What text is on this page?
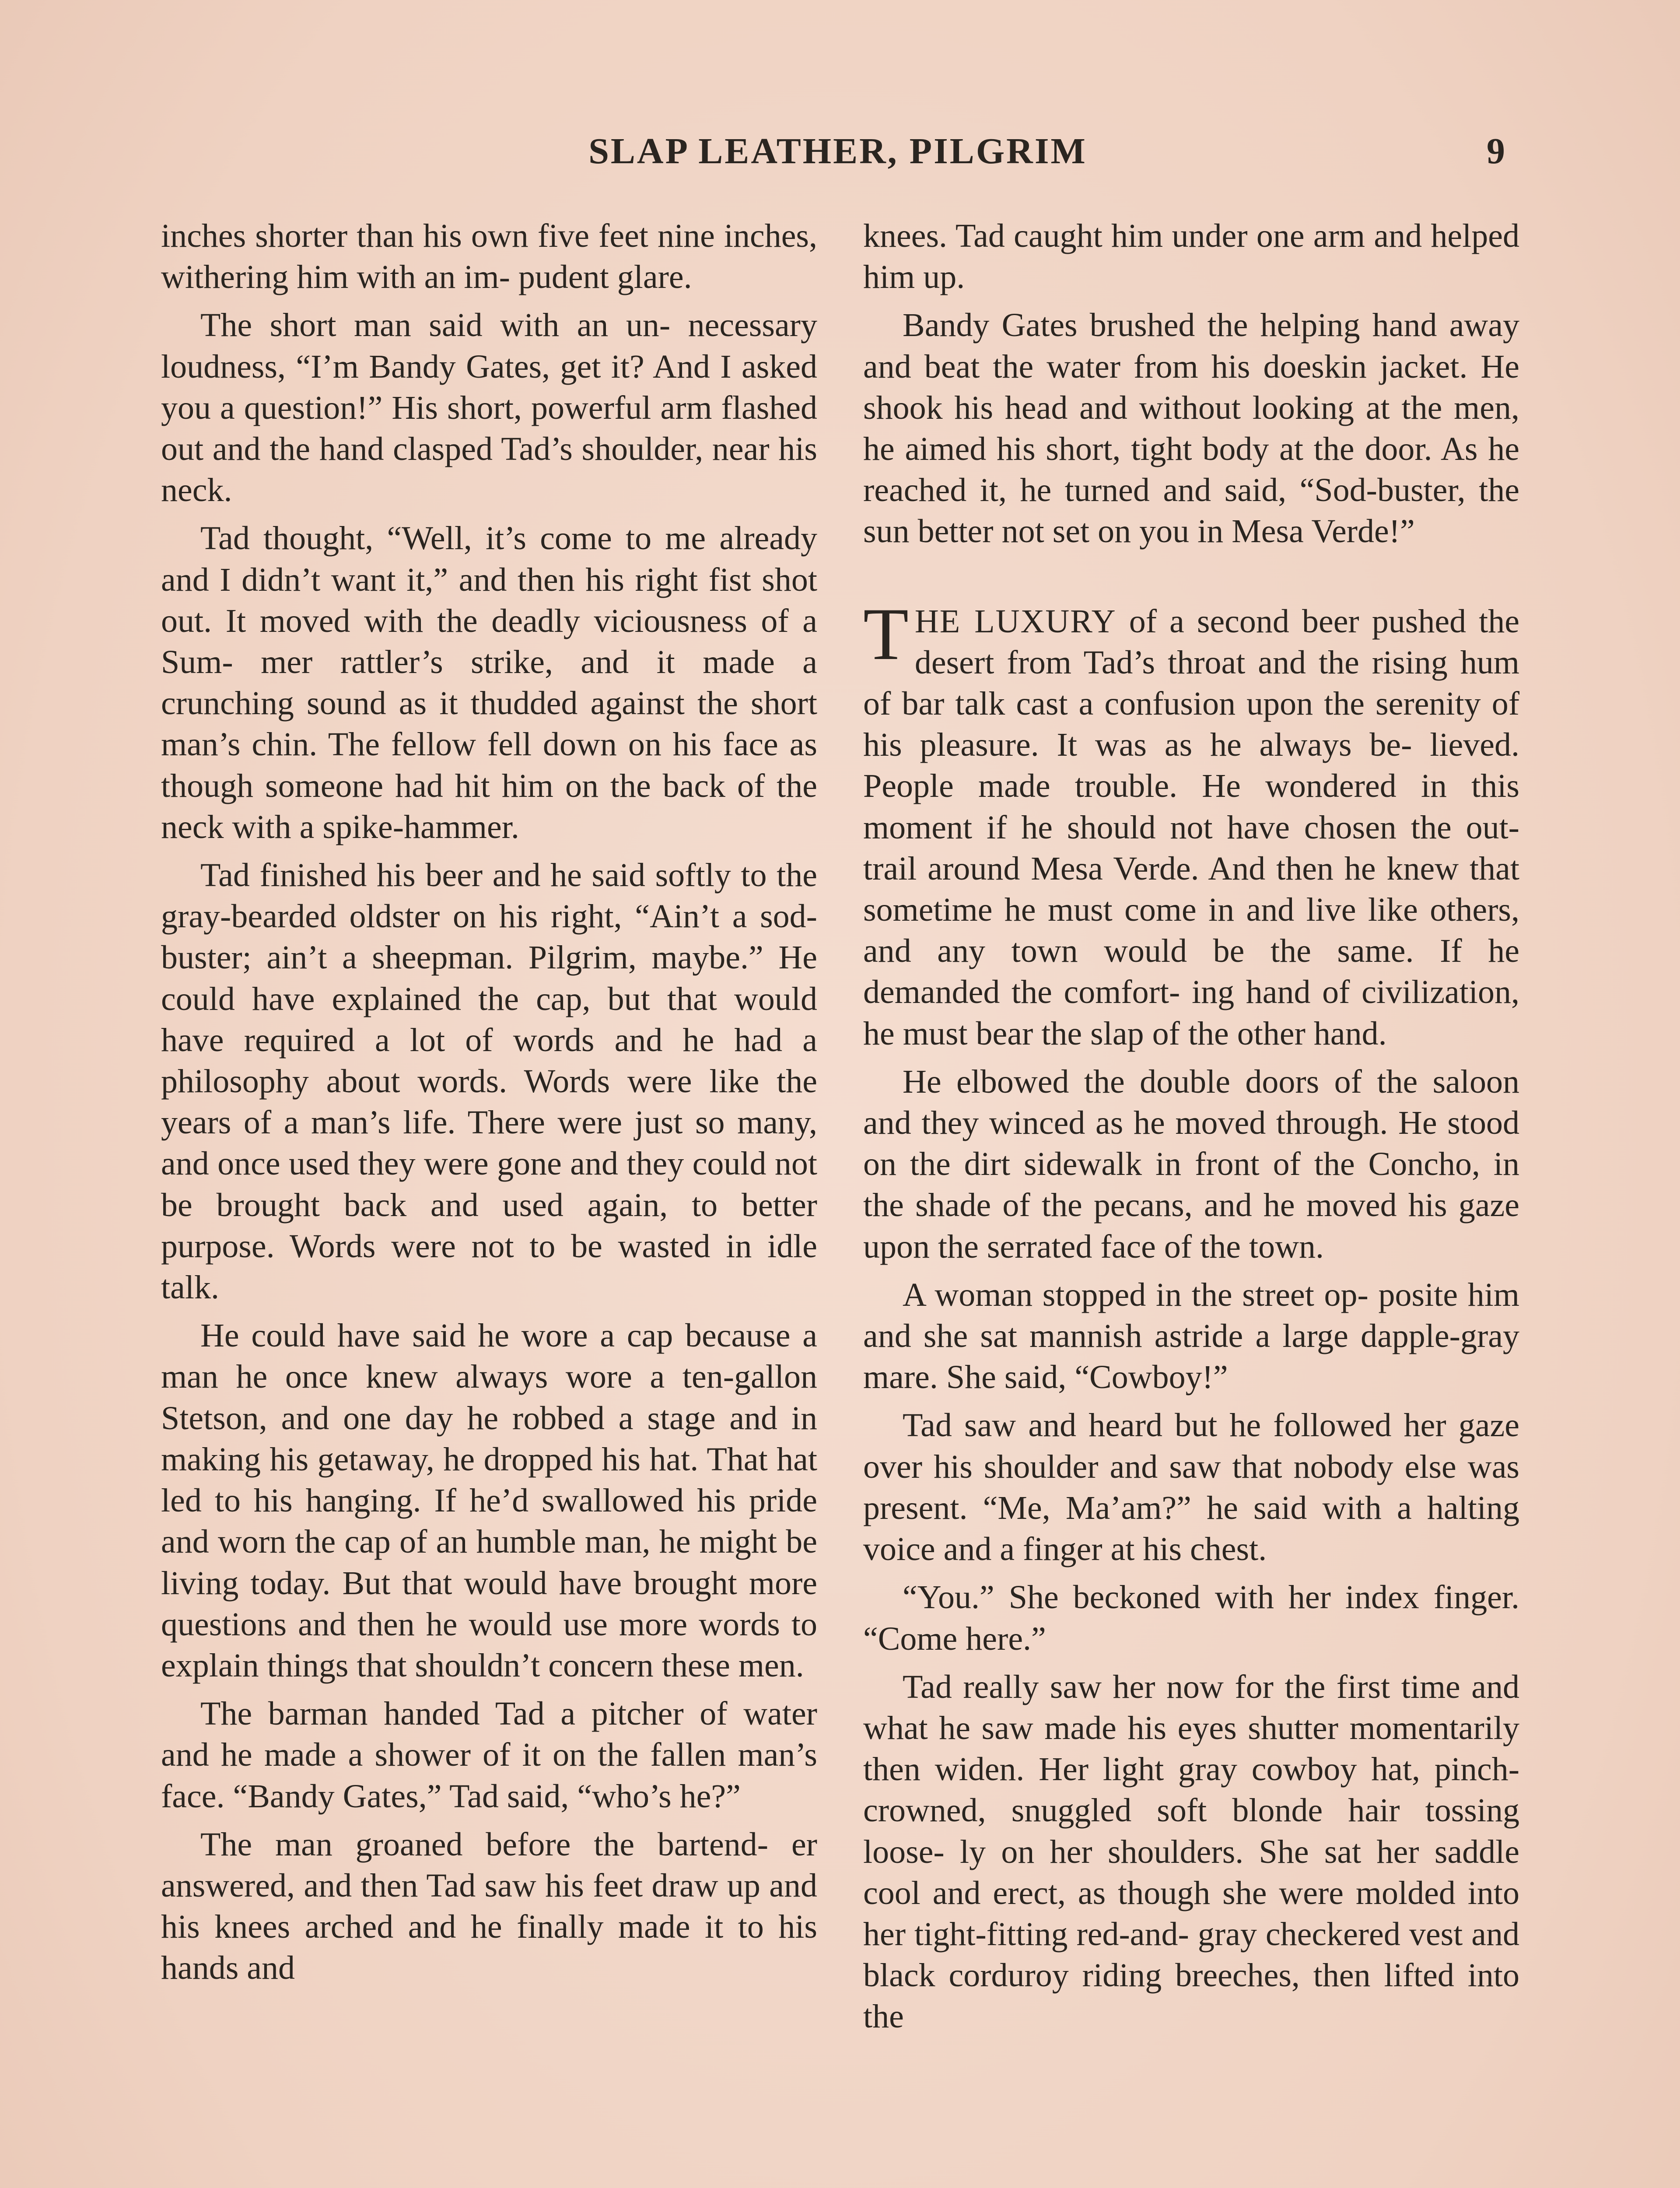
SLAP LEATHER, PILGRIM	9

inches shorter than his own five feet nine inches, withering him with an im- pudent glare.

The short man said with an un- necessary loudness, “I’m Bandy Gates, get it? And I asked you a question!” His short, powerful arm flashed out and the hand clasped Tad’s shoulder, near his neck.

Tad thought, “Well, it’s come to me already and I didn’t want it,” and then his right fist shot out. It moved with the deadly viciousness of a Sum- mer rattler’s strike, and it made a crunching sound as it thudded against the short man’s chin. The fellow fell down on his face as though someone had hit him on the back of the neck with a spike-hammer.

Tad finished his beer and he said softly to the gray-bearded oldster on his right, “Ain’t a sod-buster; ain’t a sheepman. Pilgrim, maybe.” He could have explained the cap, but that would have required a lot of words and he had a philosophy about words. Words were like the years of a man’s life. There were just so many, and once used they were gone and they could not be brought back and used again, to better purpose. Words were not to be wasted in idle talk.

He could have said he wore a cap because a man he once knew always wore a ten-gallon Stetson, and one day he robbed a stage and in making his getaway, he dropped his hat. That hat led to his hanging. If he’d swallowed his pride and worn the cap of an humble man, he might be living today. But that would have brought more questions and then he would use more words to explain things that shouldn’t concern these men.

The barman handed Tad a pitcher of water and he made a shower of it on the fallen man’s face. “Bandy Gates,” Tad said, “who’s he?”

The man groaned before the bartend- er answered, and then Tad saw his feet draw up and his knees arched and he finally made it to his hands and

knees. Tad caught him under one arm and helped him up.

Bandy Gates brushed the helping hand away and beat the water from his doeskin jacket. He shook his head and without looking at the men, he aimed his short, tight body at the door. As he reached it, he turned and said, “Sod-buster, the sun better not set on you in Mesa Verde!”

THE LUXURY of a second beer pushed the desert from Tad’s throat and the rising hum of bar talk cast a confusion upon the serenity of his pleasure. It was as he always be- lieved. People made trouble. He wondered in this moment if he should not have chosen the out-trail around Mesa Verde. And then he knew that sometime he must come in and live like others, and any town would be the same. If he demanded the comfort- ing hand of civilization, he must bear the slap of the other hand.

He elbowed the double doors of the saloon and they winced as he moved through. He stood on the dirt sidewalk in front of the Concho, in the shade of the pecans, and he moved his gaze upon the serrated face of the town.

A woman stopped in the street op- posite him and she sat mannish astride a large dapple-gray mare. She said, “Cowboy!”

Tad saw and heard but he followed her gaze over his shoulder and saw that nobody else was present. “Me, Ma’am?” he said with a halting voice and a finger at his chest.

“You.” She beckoned with her index finger. “Come here.”

Tad really saw her now for the first time and what he saw made his eyes shutter momentarily then widen. Her light gray cowboy hat, pinch-crowned, snuggled soft blonde hair tossing loose- ly on her shoulders. She sat her saddle cool and erect, as though she were molded into her tight-fitting red-and- gray checkered vest and black corduroy riding breeches, then lifted into the
